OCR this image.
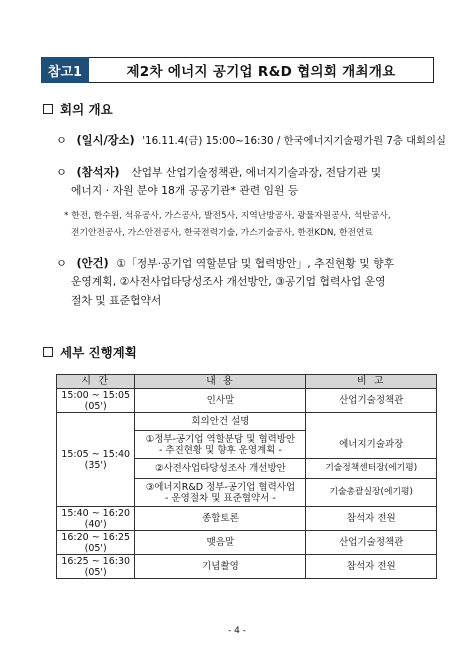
참고1	제2차 에너지 공기업 R&D 협의회 개최개요
회의 개요
ㅇ (일시/장소) '16.11.4(금) 15:00~16:30 / 한국에너지기술평가원 7층 대회의실
ㅇ (참석자) 산업부 산업기술정책관, 에너지기술과장, 전담기관 및
에너지 · 자원 분야 18개 공공기관* 관련 임원 등
* 한전, 한수원, 석유공사, 가스공사, 발전5사, 지역난방공사, 광물자원공사, 석탄공사,
전기안전공사, 가스안전공사, 한국전력기술, 가스기술공사, 한전KDN, 한전연료
ㅇ (안건) ①「정부·공기업 역할분담 및 협력방안」, 추진현황 및 향후
운영계획, ②사전사업타당성조사 개선방안, ③공기업 협력사업 운영
절차 및 표준협약서
세부 진행계획
시 간	내 용	비 고

15:00 ~ 15:05
(05')	인사말	산업기술정책관

15:05 ~ 15:40
(35')	회의안건 설명	

	①정부-공기업 역할분담 및 협력방안
- 추진현황 및 향후 운영계획 -	에너지기술과장
	②사전사업타당성조사 개선방안	기술정책센터장(에기평)

	③에너지R&D 정부-공기업 협력사업
- 운영절차 및 표준협약서 -	기술총괄실장(에기평)

15:40 ~ 16:20
(40')	종합토론	참석자 전원

16:20 ~ 16:25
(05')	맺음말	산업기술정책관

16:25 ~ 16:30
(05')	기념촬영	참석자 전원
- 4 -
